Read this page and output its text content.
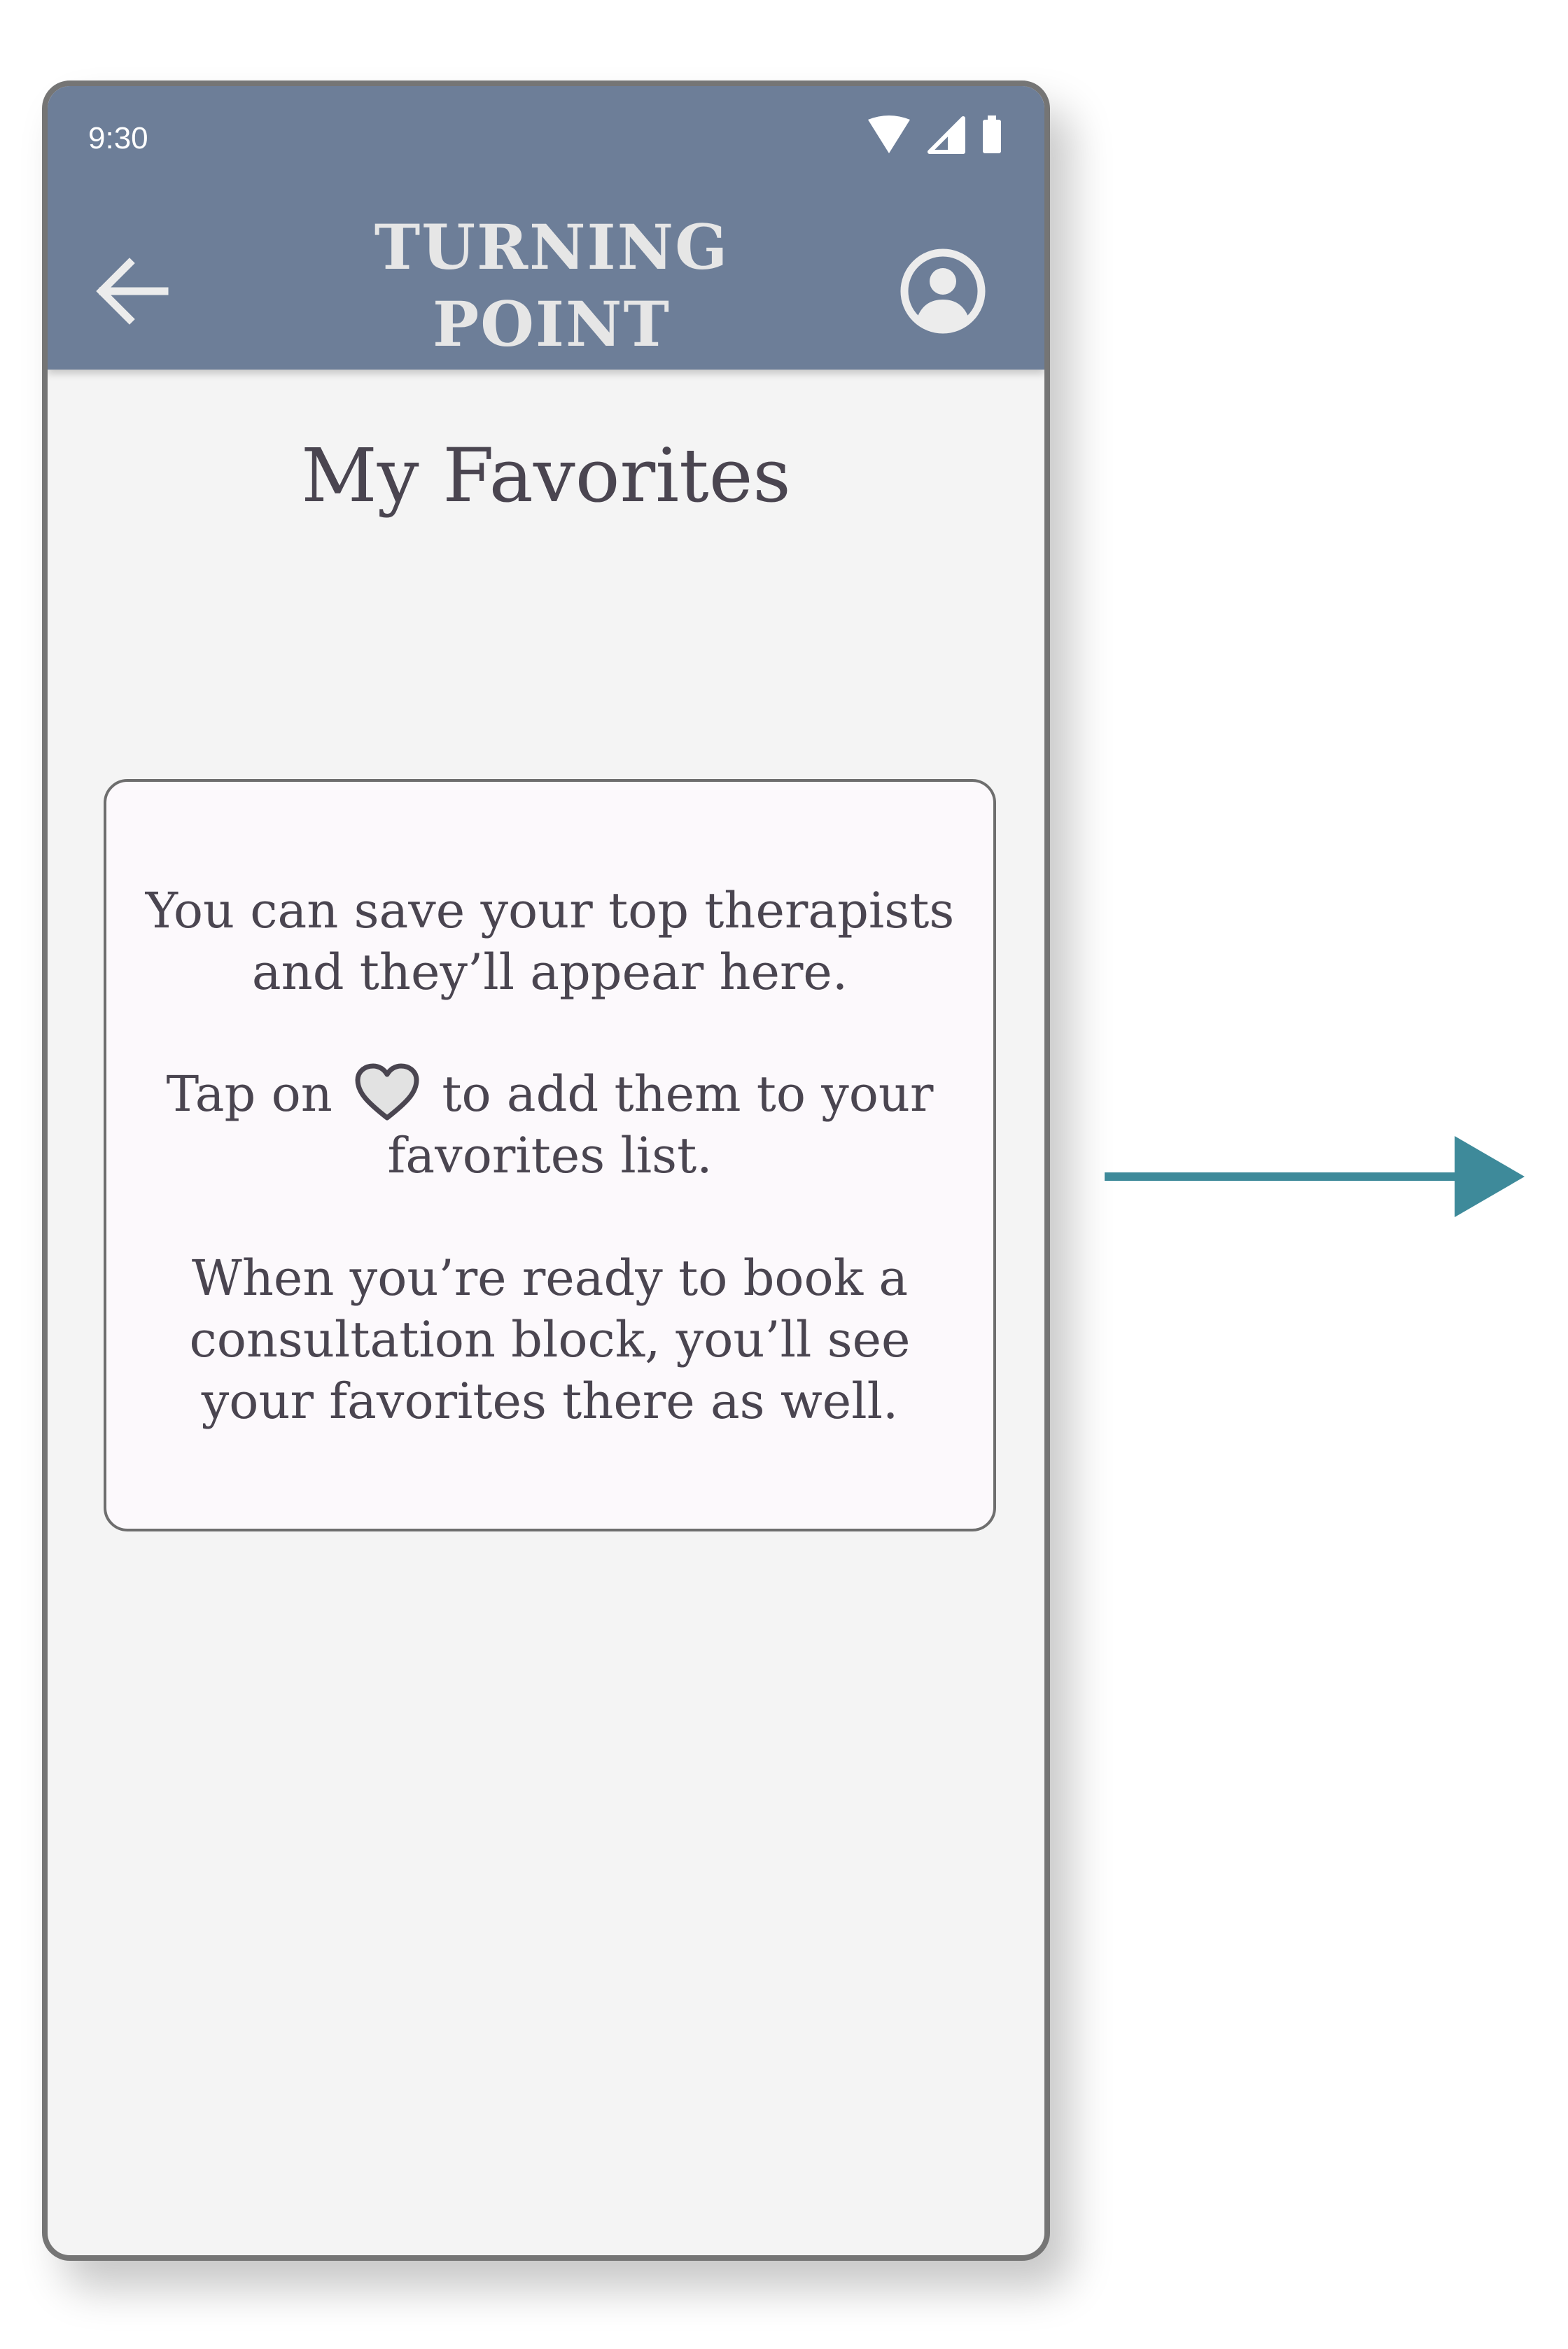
9:30
TURNING
POINT
My Favorites
You can save your top therapists and they’ll appear here.
Tap on to add them to your favorites list.
When you’re ready to book a consultation block, you’ll see your favorites there as well.
